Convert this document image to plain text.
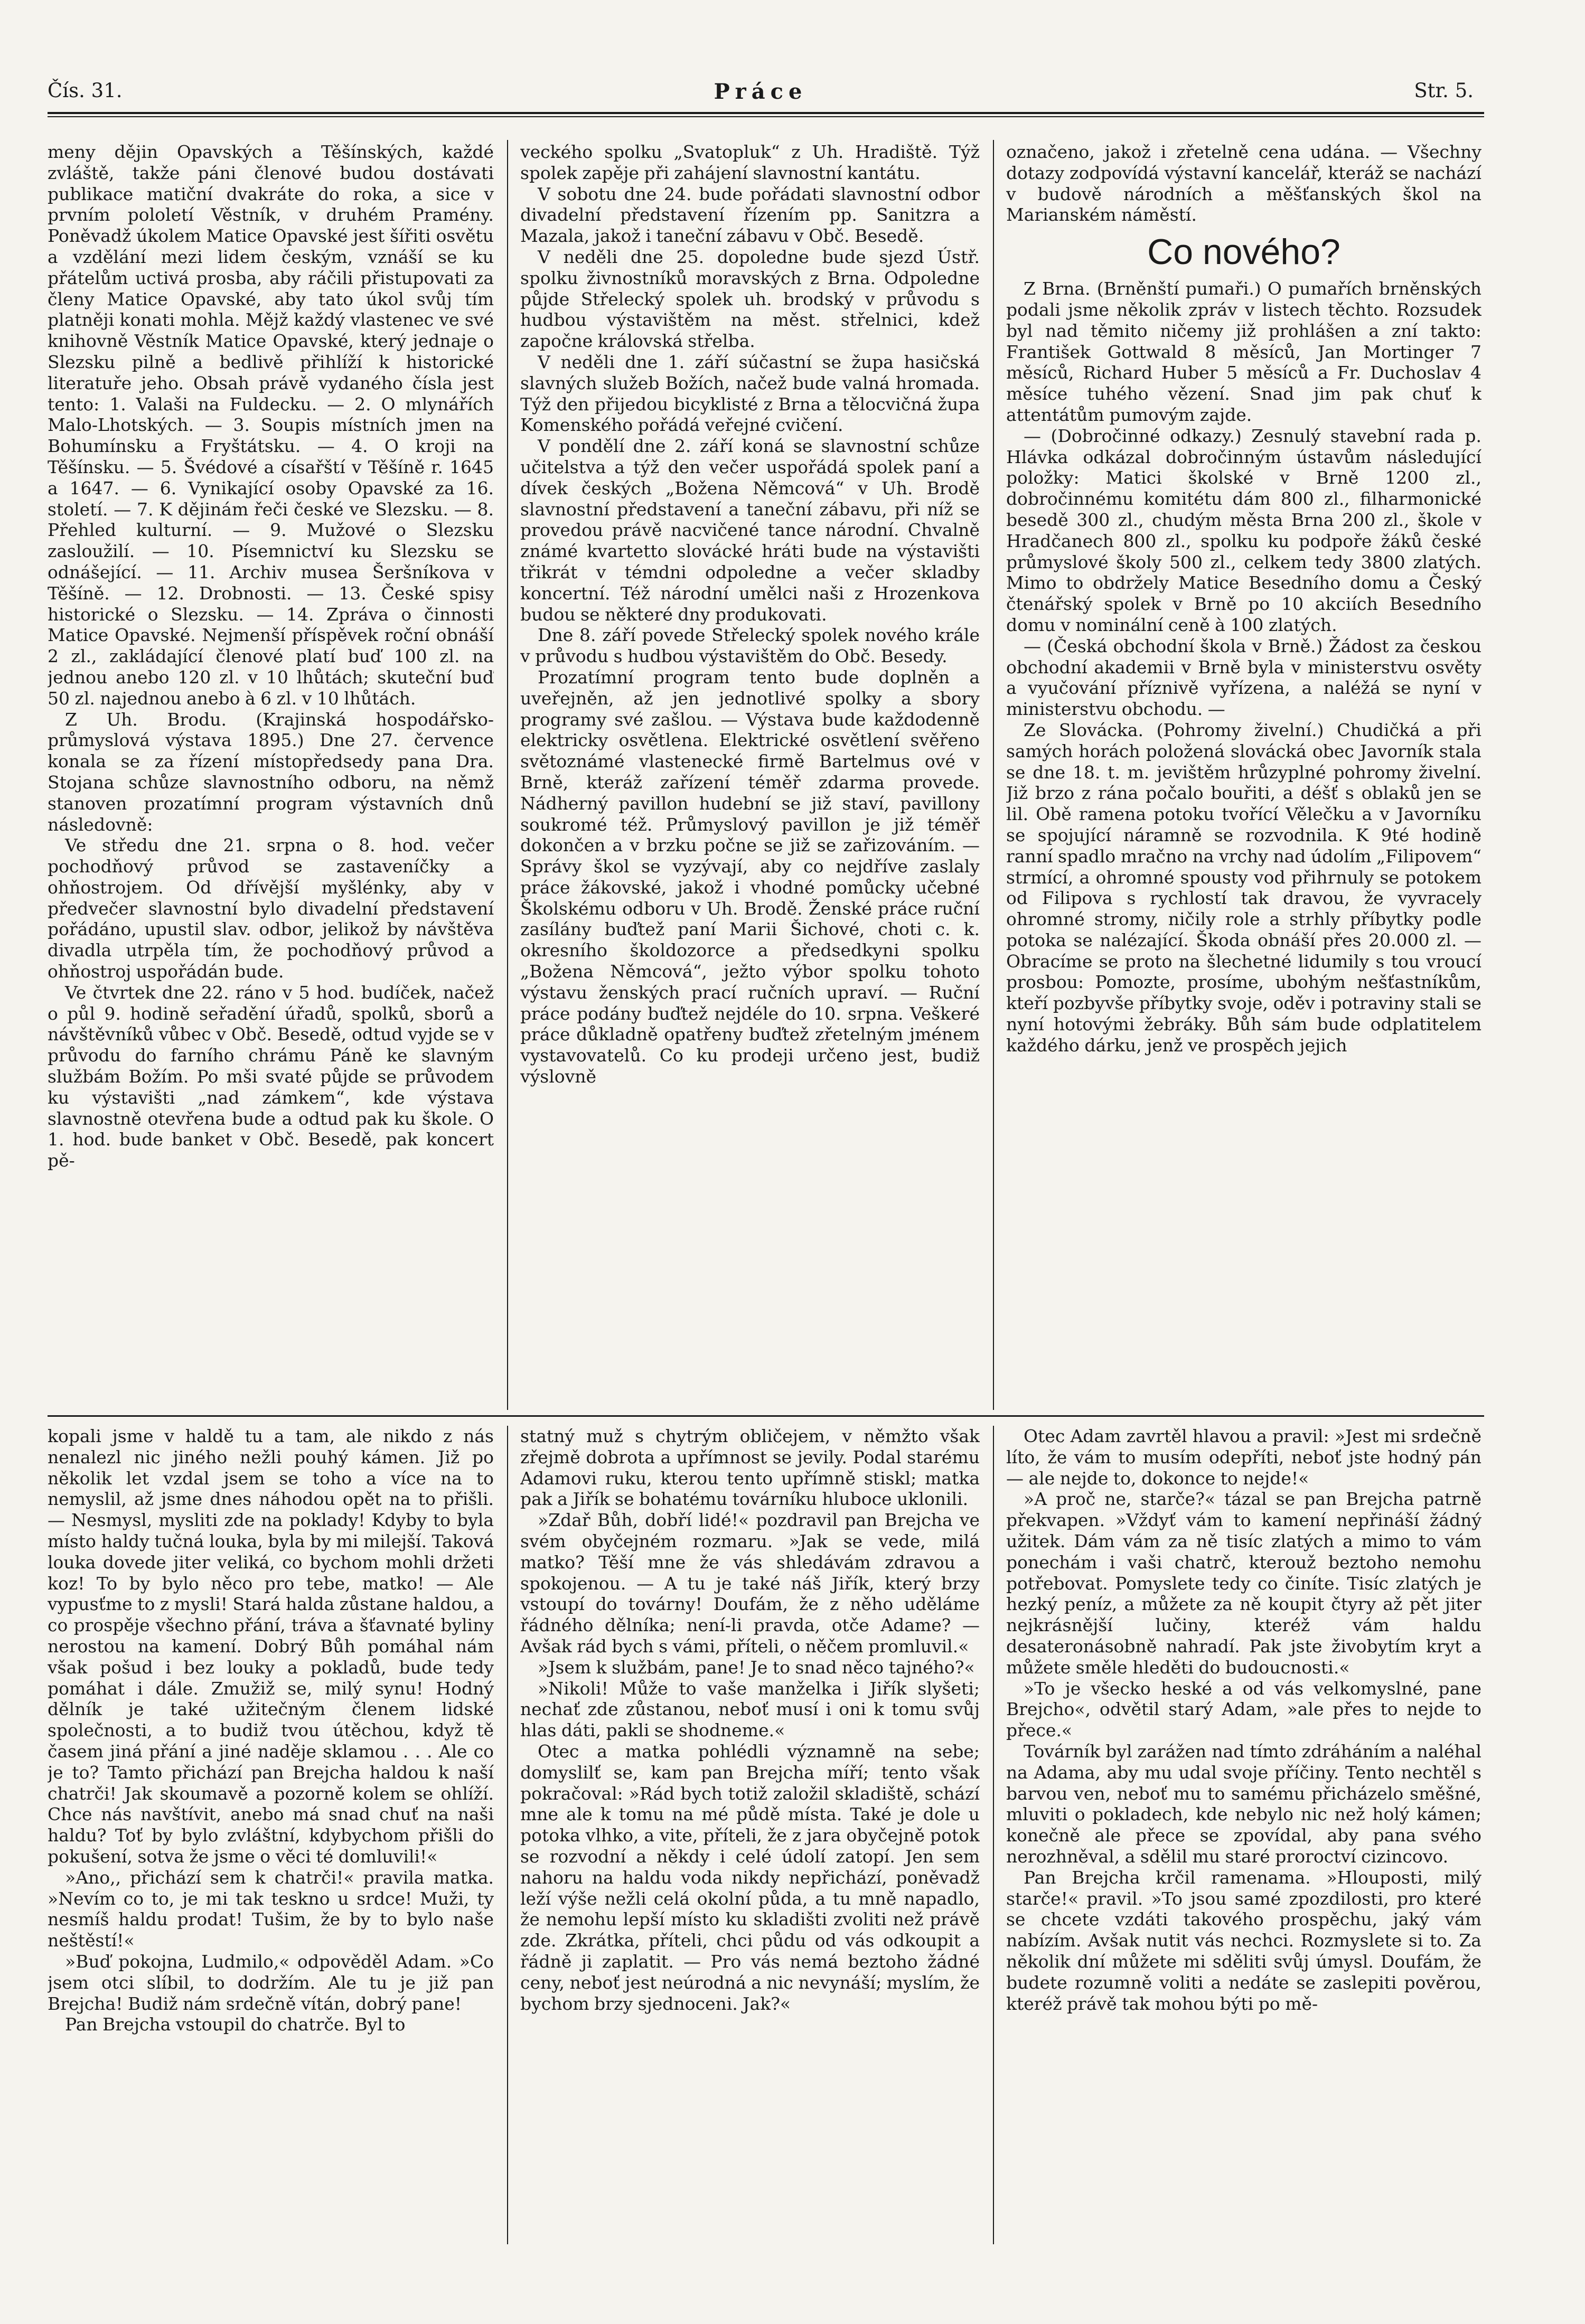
Čís. 31.	Práce	Str. 5.

meny dějin Opavských a Těšínských, každé zvláště, takže páni členové budou dostávati publikace matiční dvakráte do roka, a sice v prvním pololetí Věstník, v druhém Pramény. Poněvadž úkolem Matice Opavské jest šířiti osvětu a vzdělání mezi lidem českým, vznáší se ku přátelům uctivá prosba, aby ráčili přistupovati za členy Matice Opavské, aby tato úkol svůj tím platněji konati mohla. Mějž každý vlastenec ve své knihovně Věstník Matice Opavské, který jednaje o Slezsku pilně a bedlivě přihlíží k historické literatuře jeho. Obsah právě vydaného čísla jest tento: 1. Valaši na Fuldecku. — 2. O mlynářích Malo-Lhotských. — 3. Soupis místních jmen na Bohumínsku a Fryštátsku. — 4. O kroji na Těšínsku. — 5. Švédové a císařští v Těšíně r. 1645 a 1647. — 6. Vynikající osoby Opavské za 16. století. — 7. K dějinám řeči české ve Slezsku. — 8. Přehled kulturní. — 9. Mužové o Slezsku zasloužilí. — 10. Písemnictví ku Slezsku se odnášející. — 11. Archiv musea Šeršníkova v Těšíně. — 12. Drobnosti. — 13. České spisy historické o Slezsku. — 14. Zpráva o činnosti Matice Opavské. Nejmenší příspěvek roční obnáší 2 zl., zakládající členové platí buď 100 zl. na jednou anebo 120 zl. v 10 lhůtách; skuteční buď 50 zl. najednou anebo à 6 zl. v 10 lhůtách.

Z Uh. Brodu. (Krajinská hospodářsko-průmyslová výstava 1895.) Dne 27. července konala se za řízení místopředsedy pana Dra. Stojana schůze slavnostního odboru, na němž stanoven prozatímní program výstavních dnů následovně:

Ve středu dne 21. srpna o 8. hod. večer pochodňový průvod se zastaveníčky a ohňostrojem. Od dřívější myšlénky, aby v předvečer slavnostní bylo divadelní představení pořádáno, upustil slav. odbor, jelikož by návštěva divadla utrpěla tím, že pochodňový průvod a ohňostroj uspořádán bude.

Ve čtvrtek dne 22. ráno v 5 hod. budíček, načež o půl 9. hodině seřadění úřadů, spolků, sborů a návštěvníků vůbec v Obč. Besedě, odtud vyjde se v průvodu do farního chrámu Páně ke slavným službám Božím. Po mši svaté půjde se průvodem ku výstavišti „nad zámkem“, kde výstava slavnostně otevřena bude a odtud pak ku škole. O 1. hod. bude banket v Obč. Besedě, pak koncert pě-

veckého spolku „Svatopluk“ z Uh. Hradiště. Týž spolek zapěje při zahájení slavnostní kantátu.

V sobotu dne 24. bude pořádati slavnostní odbor divadelní představení řízením pp. Sanitzra a Mazala, jakož i taneční zábavu v Obč. Besedě.

V neděli dne 25. dopoledne bude sjezd Ústř. spolku živnostníků moravských z Brna. Odpoledne půjde Střelecký spolek uh. brodský v průvodu s hudbou výstavištěm na měst. střelnici, kdež započne královská střelba.

V neděli dne 1. září súčastní se župa hasičská slavných služeb Božích, načež bude valná hromada. Týž den přijedou bicyklisté z Brna a tělocvičná župa Komenského pořádá veřejné cvičení.

V pondělí dne 2. září koná se slavnostní schůze učitelstva a týž den večer uspořádá spolek paní a dívek českých „Božena Němcová“ v Uh. Brodě slavnostní představení a taneční zábavu, při níž se provedou právě nacvičené tance národní. Chvalně známé kvartetto slovácké hráti bude na výstavišti třikrát v témdni odpoledne a večer skladby koncertní. Též národní umělci naši z Hrozenkova budou se některé dny produkovati.

Dne 8. září povede Střelecký spolek nového krále v průvodu s hudbou výstavištěm do Obč. Besedy.

Prozatímní program tento bude doplněn a uveřejněn, až jen jednotlivé spolky a sbory programy své zašlou. — Výstava bude každodenně elektricky osvětlena. Elektrické osvětlení svěřeno světoznámé vlastenecké firmě Bartelmus ové v Brně, kteráž zařízení téměř zdarma provede. Nádherný pavillon hudební se již staví, pavillony soukromé též. Průmyslový pavillon je již téměř dokončen a v brzku počne se již se zařizováním. — Správy škol se vyzývají, aby co nejdříve zaslaly práce žákovské, jakož i vhodné pomůcky učebné Školskému odboru v Uh. Brodě. Ženské práce ruční zasílány buďtež paní Marii Šichové, choti c. k. okresního školdozorce a předsedkyni spolku „Božena Němcová“, ježto výbor spolku tohoto výstavu ženských prací ručních upraví. — Ruční práce podány buďtež nejdéle do 10. srpna. Veškeré práce důkladně opatřeny buďtež zřetelným jménem vystavovatelů. Co ku prodeji určeno jest, budiž výslovně

označeno, jakož i zřetelně cena udána. — Všechny dotazy zodpovídá výstavní kancelář, kteráž se nachází v budově národních a měšťanských škol na Marianském náměstí.

Co nového?

Z Brna. (Brněnští pumaři.) O pumařích brněnských podali jsme několik zpráv v listech těchto. Rozsudek byl nad těmito ničemy již prohlášen a zní takto: František Gottwald 8 měsíců, Jan Mortinger 7 měsíců, Richard Huber 5 měsíců a Fr. Duchoslav 4 měsíce tuhého vězení. Snad jim pak chuť k attentátům pumovým zajde.

— (Dobročinné odkazy.) Zesnulý stavební rada p. Hlávka odkázal dobročinným ústavům následující položky: Matici školské v Brně 1200 zl., dobročinnému komitétu dám 800 zl., filharmonické besedě 300 zl., chudým města Brna 200 zl., škole v Hradčanech 800 zl., spolku ku podpoře žáků české průmyslové školy 500 zl., celkem tedy 3800 zlatých. Mimo to obdržely Matice Besedního domu a Český čtenářský spolek v Brně po 10 akciích Besedního domu v nominální ceně à 100 zlatých.

— (Česká obchodní škola v Brně.) Žádost za českou obchodní akademii v Brně byla v ministerstvu osvěty a vyučování příznivě vyřízena, a naléžá se nyní v ministerstvu obchodu. —

Ze Slovácka. (Pohromy živelní.) Chudičká a při samých horách položená slovácká obec Javorník stala se dne 18. t. m. jevištěm hrůzyplné pohromy živelní. Již brzo z rána počalo bouřiti, a déšť s oblaků jen se lil. Obě ramena potoku tvořící Vělečku a v Javorníku se spojující náramně se rozvodnila. K 9té hodině ranní spadlo mračno na vrchy nad údolím „Filipovem“ strmící, a ohromné spousty vod přihrnuly se potokem od Filipova s rychlostí tak dravou, že vyvracely ohromné stromy, ničily role a strhly příbytky podle potoka se nalézající. Škoda obnáší přes 20.000 zl. — Obracíme se proto na šlechetné lidumily s tou vroucí prosbou: Pomozte, prosíme, ubohým nešťastníkům, kteří pozbyvše příbytky svoje, oděv i potraviny stali se nyní hotovými žebráky. Bůh sám bude odplatitelem každého dárku, jenž ve prospěch jejich

kopali jsme v haldě tu a tam, ale nikdo z nás nenalezl nic jiného nežli pouhý kámen. Již po několik let vzdal jsem se toho a více na to nemyslil, až jsme dnes náhodou opět na to přišli. — Nesmysl, mysliti zde na poklady! Kdyby to byla místo haldy tučná louka, byla by mi milejší. Taková louka dovede jiter veliká, co bychom mohli držeti koz! To by bylo něco pro tebe, matko! — Ale vypusťme to z mysli! Stará halda zůstane haldou, a co prospěje všechno přání, tráva a šťavnaté byliny nerostou na kamení. Dobrý Bůh pomáhal nám však pošud i bez louky a pokladů, bude tedy pomáhat i dále. Zmužiž se, milý synu! Hodný dělník je také užitečným členem lidské společnosti, a to budiž tvou útěchou, když tě časem jiná přání a jiné naděje sklamou . . . Ale co je to? Tamto přichází pan Brejcha haldou k naší chatrči! Jak skoumavě a pozorně kolem se ohlíží. Chce nás navštívit, anebo má snad chuť na naši haldu? Toť by bylo zvláštní, kdybychom přišli do pokušení, sotva že jsme o věci té domluvili!«

»Ano,, přichází sem k chatrči!« pravila matka. »Nevím co to, je mi tak teskno u srdce! Muži, ty nesmíš haldu prodat! Tušim, že by to bylo naše neštěstí!«

»Buď pokojna, Ludmilo,« odpověděl Adam. »Co jsem otci slíbil, to dodržím. Ale tu je již pan Brejcha! Budiž nám srdečně vítán, dobrý pane!

Pan Brejcha vstoupil do chatrče. Byl to

statný muž s chytrým obličejem, v němžto však zřejmě dobrota a upřímnost se jevily. Podal starému Adamovi ruku, kterou tento upřímně stiskl; matka pak a Jiřík se bohatému továrníku hluboce uklonili.

»Zdař Bůh, dobří lidé!« pozdravil pan Brejcha ve svém obyčejném rozmaru. »Jak se vede, milá matko? Těší mne že vás shledávám zdravou a spokojenou. — A tu je také náš Jiřík, který brzy vstoupí do továrny! Doufám, že z něho uděláme řádného dělníka; není-li pravda, otče Adame? — Avšak rád bych s vámi, příteli, o něčem promluvil.«

»Jsem k službám, pane! Je to snad něco tajného?«

»Nikoli! Může to vaše manželka i Jiřík slyšeti; nechať zde zůstanou, neboť musí i oni k tomu svůj hlas dáti, pakli se shodneme.«

Otec a matka pohlédli významně na sebe; domyslilť se, kam pan Brejcha míří; tento však pokračoval: »Rád bych totiž založil skladiště, schází mne ale k tomu na mé půdě místa. Také je dole u potoka vlhko, a vite, příteli, že z jara obyčejně potok se rozvodní a někdy i celé údolí zatopí. Jen sem nahoru na haldu voda nikdy nepřichází, poněvadž leží výše nežli celá okolní půda, a tu mně napadlo, že nemohu lepší místo ku skladišti zvoliti než právě zde. Zkrátka, příteli, chci půdu od vás odkoupit a řádně ji zaplatit. — Pro vás nemá beztoho žádné ceny, neboť jest neúrodná a nic nevynáší; myslím, že bychom brzy sjednoceni. Jak?«

Otec Adam zavrtěl hlavou a pravil: »Jest mi srdečně líto, že vám to musím odepříti, neboť jste hodný pán — ale nejde to, dokonce to nejde!«

»A proč ne, starče?« tázal se pan Brejcha patrně překvapen. »Vždyť vám to kamení nepřináší žádný užitek. Dám vám za ně tisíc zlatých a mimo to vám ponechám i vaši chatrč, kterouž beztoho nemohu potřebovat. Pomyslete tedy co činíte. Tisíc zlatých je hezký peníz, a můžete za ně koupit čtyry až pět jiter nejkrásnější lučiny, kteréž vám haldu desateronásobně nahradí. Pak jste živobytím kryt a můžete směle hleděti do budoucnosti.«

»To je všecko heské a od vás velkomyslné, pane Brejcho«, odvětil starý Adam, »ale přes to nejde to přece.«

Továrník byl zarážen nad tímto zdráháním a naléhal na Adama, aby mu udal svoje příčiny. Tento nechtěl s barvou ven, neboť mu to samému přicházelo směšné, mluviti o pokladech, kde nebylo nic než holý kámen; konečně ale přece se zpovídal, aby pana svého nerozhněval, a sdělil mu staré proroctví cizincovo.

Pan Brejcha krčil ramenama. »Hlouposti, milý starče!« pravil. »To jsou samé zpozdilosti, pro které se chcete vzdáti takového prospěchu, jaký vám nabízím. Avšak nutit vás nechci. Rozmyslete si to. Za několik dní můžete mi sděliti svůj úmysl. Doufám, že budete rozumně voliti a nedáte se zaslepiti pověrou, kteréž právě tak mohou býti po mě-
